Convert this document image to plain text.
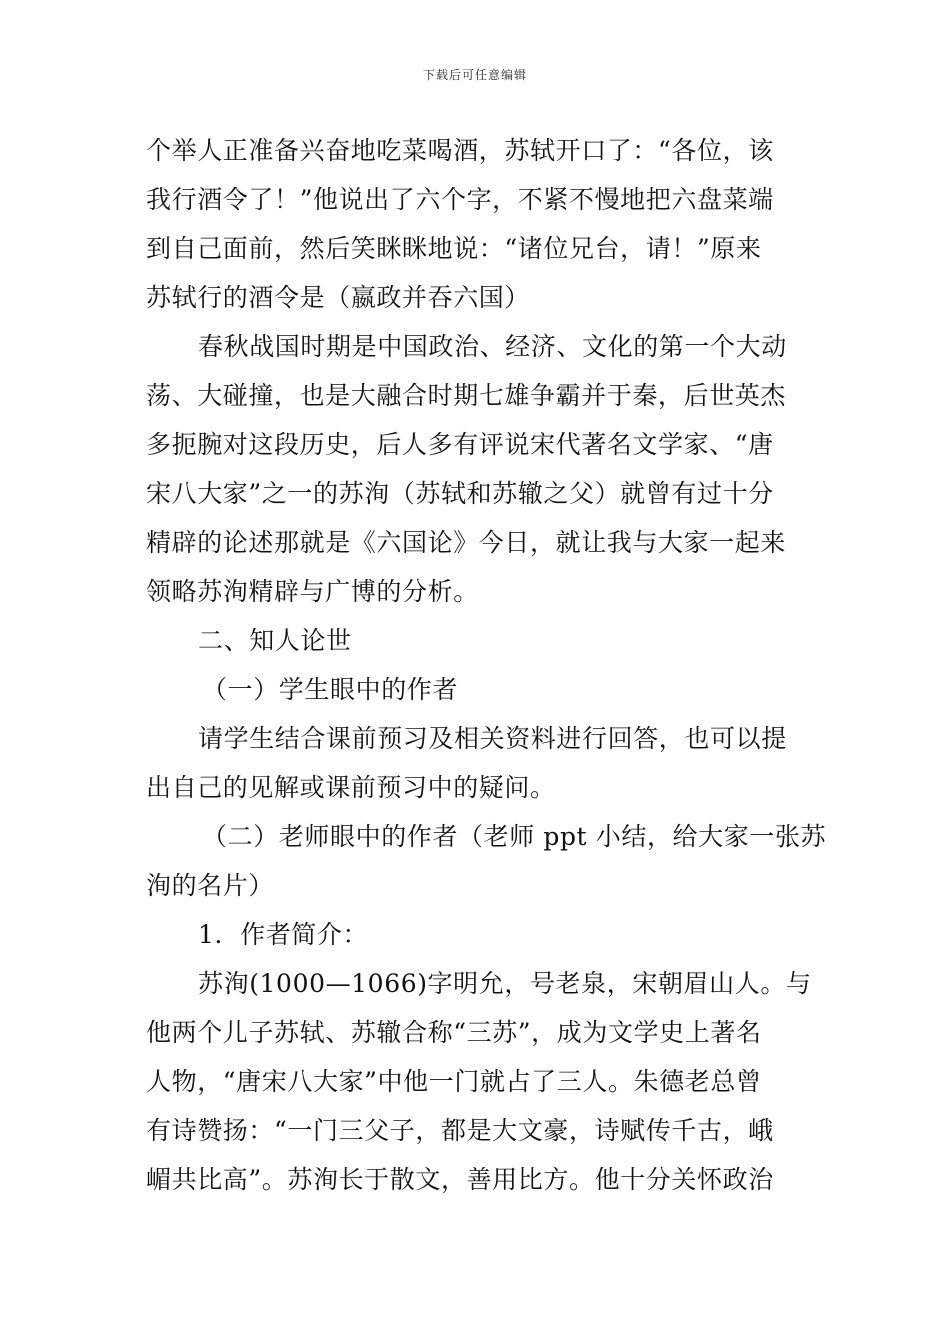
下载后可任意编辑
个举人正准备兴奋地吃菜喝酒，苏轼开口了：“各位，该
我行酒令了！”他说出了六个字，不紧不慢地把六盘菜端
到自己面前，然后笑眯眯地说：“诸位兄台，请！”原来
苏轼行的酒令是（嬴政并吞六国）
春秋战国时期是中国政治、经济、文化的第一个大动
荡、大碰撞，也是大融合时期七雄争霸并于秦，后世英杰
多扼腕对这段历史，后人多有评说宋代著名文学家、“唐
宋八大家”之一的苏洵（苏轼和苏辙之父）就曾有过十分
精辟的论述那就是《六国论》今日，就让我与大家一起来
领略苏洵精辟与广博的分析。
二、知人论世
（一）学生眼中的作者
请学生结合课前预习及相关资料进行回答，也可以提
出自己的见解或课前预习中的疑问。
（二）老师眼中的作者（老师 ppt 小结，给大家一张苏
洵的名片）
1．作者简介：
苏洵(1000—1066)字明允，号老泉，宋朝眉山人。与
他两个儿子苏轼、苏辙合称“三苏”，成为文学史上著名
人物，“唐宋八大家”中他一门就占了三人。朱德老总曾
有诗赞扬：“一门三父子，都是大文豪，诗赋传千古，峨
嵋共比高”。苏洵长于散文，善用比方。他十分关怀政治
